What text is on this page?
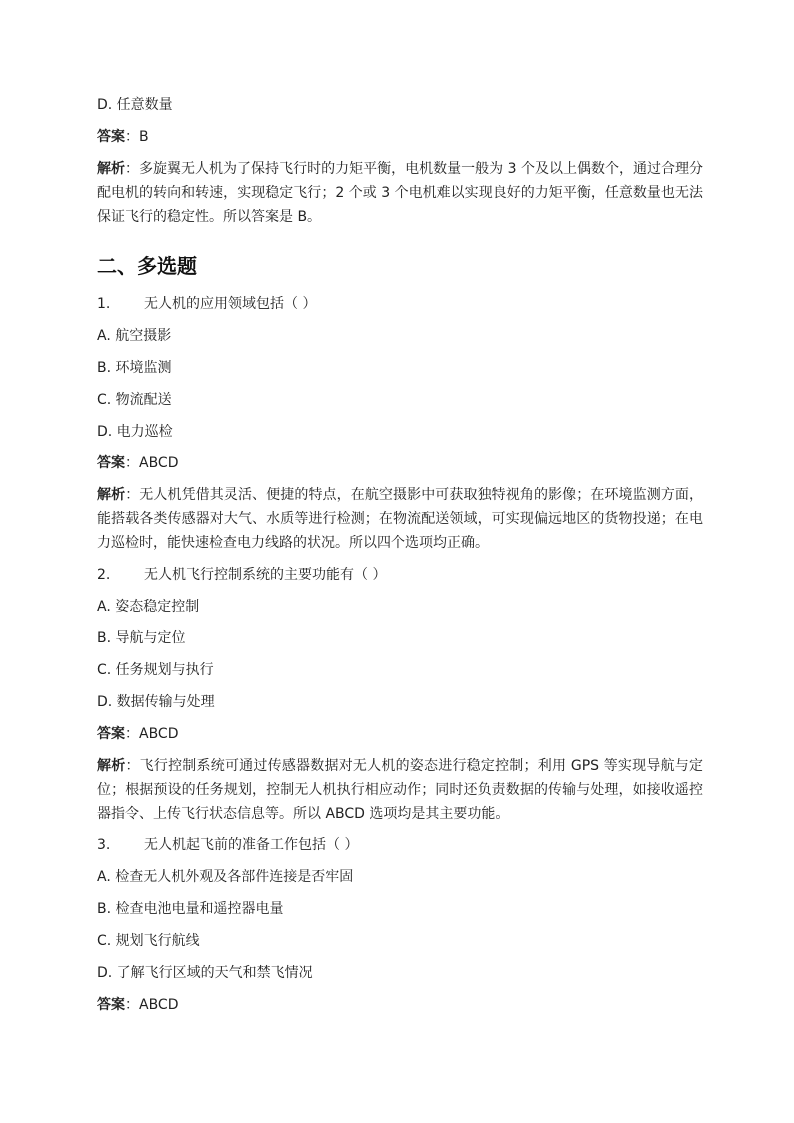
D. 任意数量
答案：B
解析：多旋翼无人机为了保持飞行时的力矩平衡，电机数量一般为 3 个及以上偶数个，通过合理分配电机的转向和转速，实现稳定飞行；2 个或 3 个电机难以实现良好的力矩平衡，任意数量也无法保证飞行的稳定性。所以答案是 B。
二、多选题
1. 无人机的应用领域包括（ ）
A. 航空摄影
B. 环境监测
C. 物流配送
D. 电力巡检
答案：ABCD
解析：无人机凭借其灵活、便捷的特点，在航空摄影中可获取独特视角的影像；在环境监测方面，能搭载各类传感器对大气、水质等进行检测；在物流配送领域，可实现偏远地区的货物投递；在电力巡检时，能快速检查电力线路的状况。所以四个选项均正确。
2. 无人机飞行控制系统的主要功能有（ ）
A. 姿态稳定控制
B. 导航与定位
C. 任务规划与执行
D. 数据传输与处理
答案：ABCD
解析：飞行控制系统可通过传感器数据对无人机的姿态进行稳定控制；利用 GPS 等实现导航与定位；根据预设的任务规划，控制无人机执行相应动作；同时还负责数据的传输与处理，如接收遥控器指令、上传飞行状态信息等。所以 ABCD 选项均是其主要功能。
3. 无人机起飞前的准备工作包括（ ）
A. 检查无人机外观及各部件连接是否牢固
B. 检查电池电量和遥控器电量
C. 规划飞行航线
D. 了解飞行区域的天气和禁飞情况
答案：ABCD
